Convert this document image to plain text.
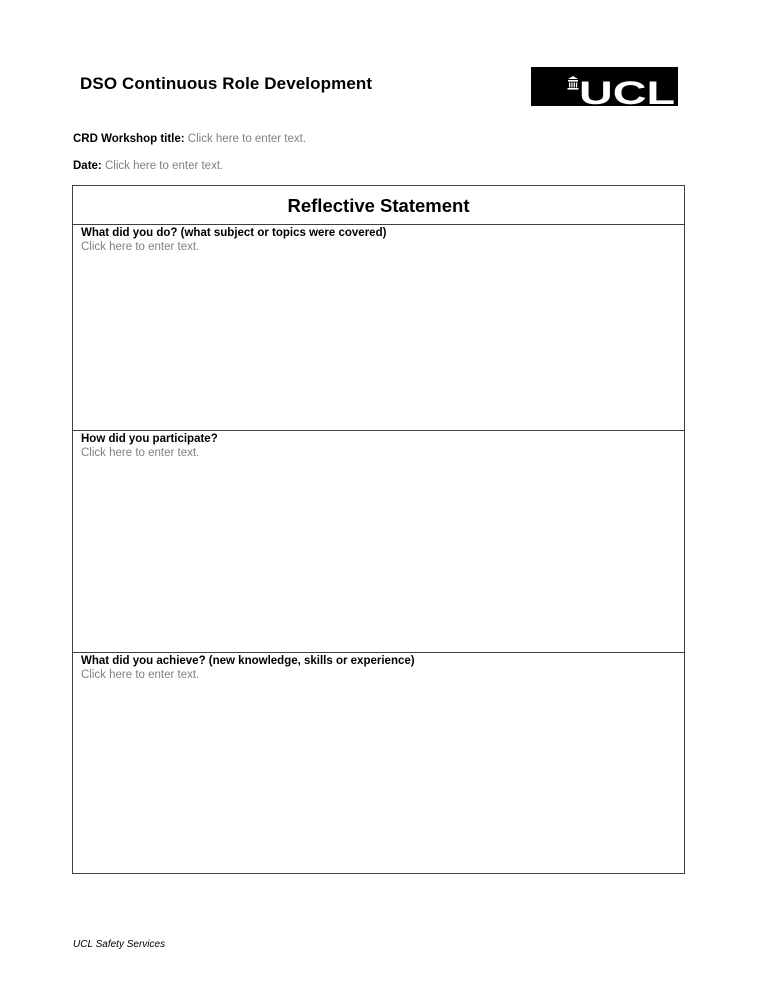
DSO Continuous Role Development	UCL
CRD Workshop title: Click here to enter text.
Date: Click here to enter text.
Reflective Statement
What did you do? (what subject or topics were covered)
Click here to enter text.
How did you participate?
Click here to enter text.
What did you achieve? (new knowledge, skills or experience)
Click here to enter text.
UCL Safety Services
